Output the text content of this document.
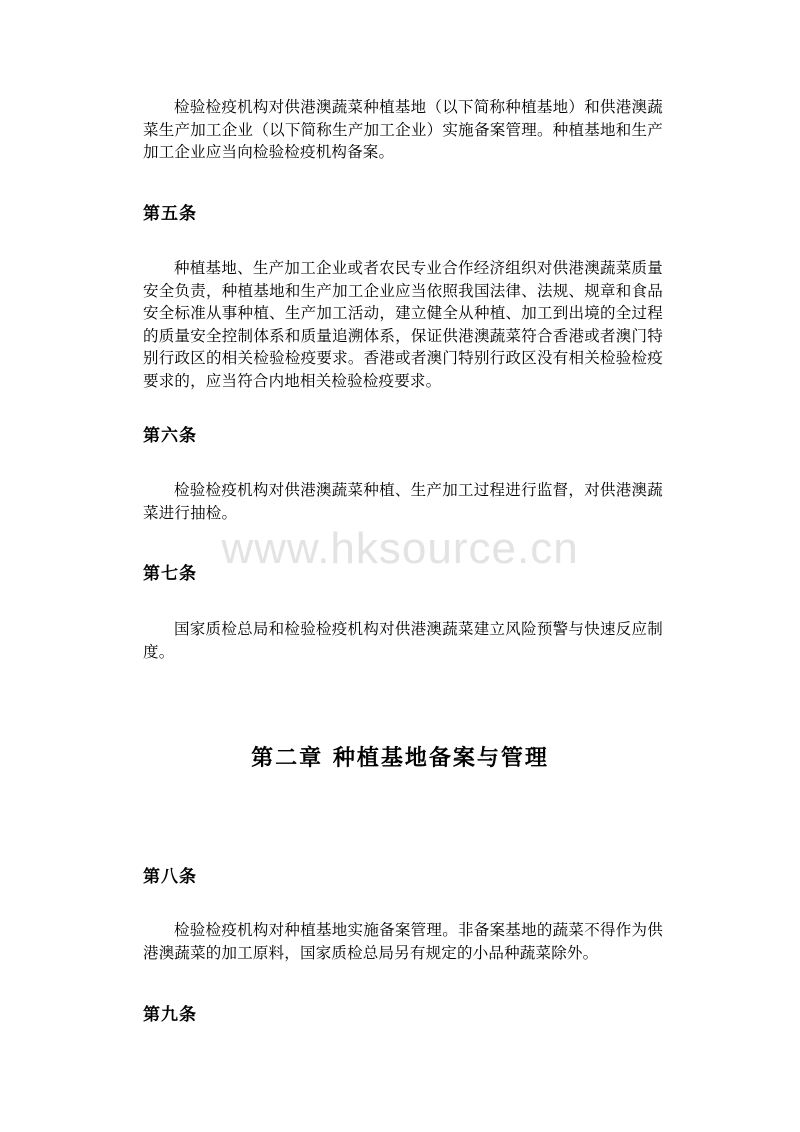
检验检疫机构对供港澳蔬菜种植基地（以下简称种植基地）和供港澳蔬菜生产加工企业（以下简称生产加工企业）实施备案管理。种植基地和生产加工企业应当向检验检疫机构备案。

第五条

种植基地、生产加工企业或者农民专业合作经济组织对供港澳蔬菜质量安全负责，种植基地和生产加工企业应当依照我国法律、法规、规章和食品安全标准从事种植、生产加工活动，建立健全从种植、加工到出境的全过程的质量安全控制体系和质量追溯体系，保证供港澳蔬菜符合香港或者澳门特别行政区的相关检验检疫要求。香港或者澳门特别行政区没有相关检验检疫要求的，应当符合内地相关检验检疫要求。

第六条

检验检疫机构对供港澳蔬菜种植、生产加工过程进行监督，对供港澳蔬菜进行抽检。

第七条

国家质检总局和检验检疫机构对供港澳蔬菜建立风险预警与快速反应制度。

第二章 种植基地备案与管理
第八条

检验检疫机构对种植基地实施备案管理。非备案基地的蔬菜不得作为供港澳蔬菜的加工原料，国家质检总局另有规定的小品种蔬菜除外。

第九条
www.hksource.cn
